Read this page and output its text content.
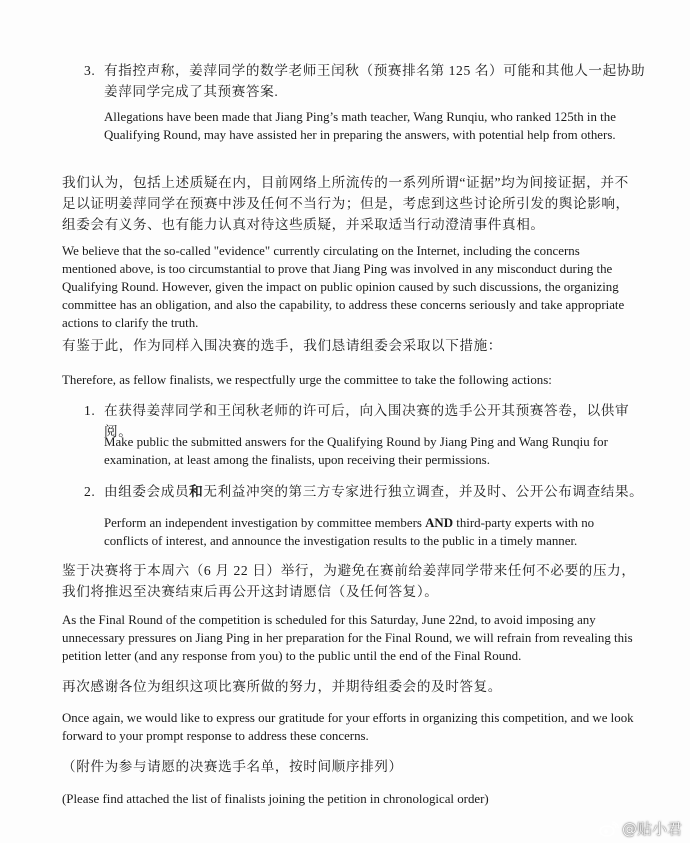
3. 有指控声称，姜萍同学的数学老师王闰秋（预赛排名第 125 名）可能和其他人一起协助姜萍同学完成了其预赛答案.
Allegations have been made that Jiang Ping’s math teacher, Wang Runqiu, who ranked 125th in the Qualifying Round, may have assisted her in preparing the answers, with potential help from others.
我们认为，包括上述质疑在内，目前网络上所流传的一系列所谓“证据”均为间接证据，并不足以证明姜萍同学在预赛中涉及任何不当行为；但是，考虑到这些讨论所引发的舆论影响，组委会有义务、也有能力认真对待这些质疑，并采取适当行动澄清事件真相。
We believe that the so-called "evidence" currently circulating on the Internet, including the concerns mentioned above, is too circumstantial to prove that Jiang Ping was involved in any misconduct during the Qualifying Round. However, given the impact on public opinion caused by such discussions, the organizing committee has an obligation, and also the capability, to address these concerns seriously and take appropriate actions to clarify the truth.
有鉴于此，作为同样入围决赛的选手，我们恳请组委会采取以下措施：
Therefore, as fellow finalists, we respectfully urge the committee to take the following actions:
1. 在获得姜萍同学和王闰秋老师的许可后，向入围决赛的选手公开其预赛答卷，以供审阅。
Make public the submitted answers for the Qualifying Round by Jiang Ping and Wang Runqiu for examination, at least among the finalists, upon receiving their permissions.
2. 由组委会成员和无利益冲突的第三方专家进行独立调查，并及时、公开公布调查结果。
Perform an independent investigation by committee members AND third-party experts with no conflicts of interest, and announce the investigation results to the public in a timely manner.
鉴于决赛将于本周六（6 月 22 日）举行，为避免在赛前给姜萍同学带来任何不必要的压力，我们将推迟至决赛结束后再公开这封请愿信（及任何答复）。
As the Final Round of the competition is scheduled for this Saturday, June 22nd, to avoid imposing any unnecessary pressures on Jiang Ping in her preparation for the Final Round, we will refrain from revealing this petition letter (and any response from you) to the public until the end of the Final Round.
再次感谢各位为组织这项比赛所做的努力，并期待组委会的及时答复。
Once again, we would like to express our gratitude for your efforts in organizing this competition, and we look forward to your prompt response to address these concerns.
（附件为参与请愿的决赛选手名单，按时间顺序排列）
(Please find attached the list of finalists joining the petition in chronological order)
@贴小君
